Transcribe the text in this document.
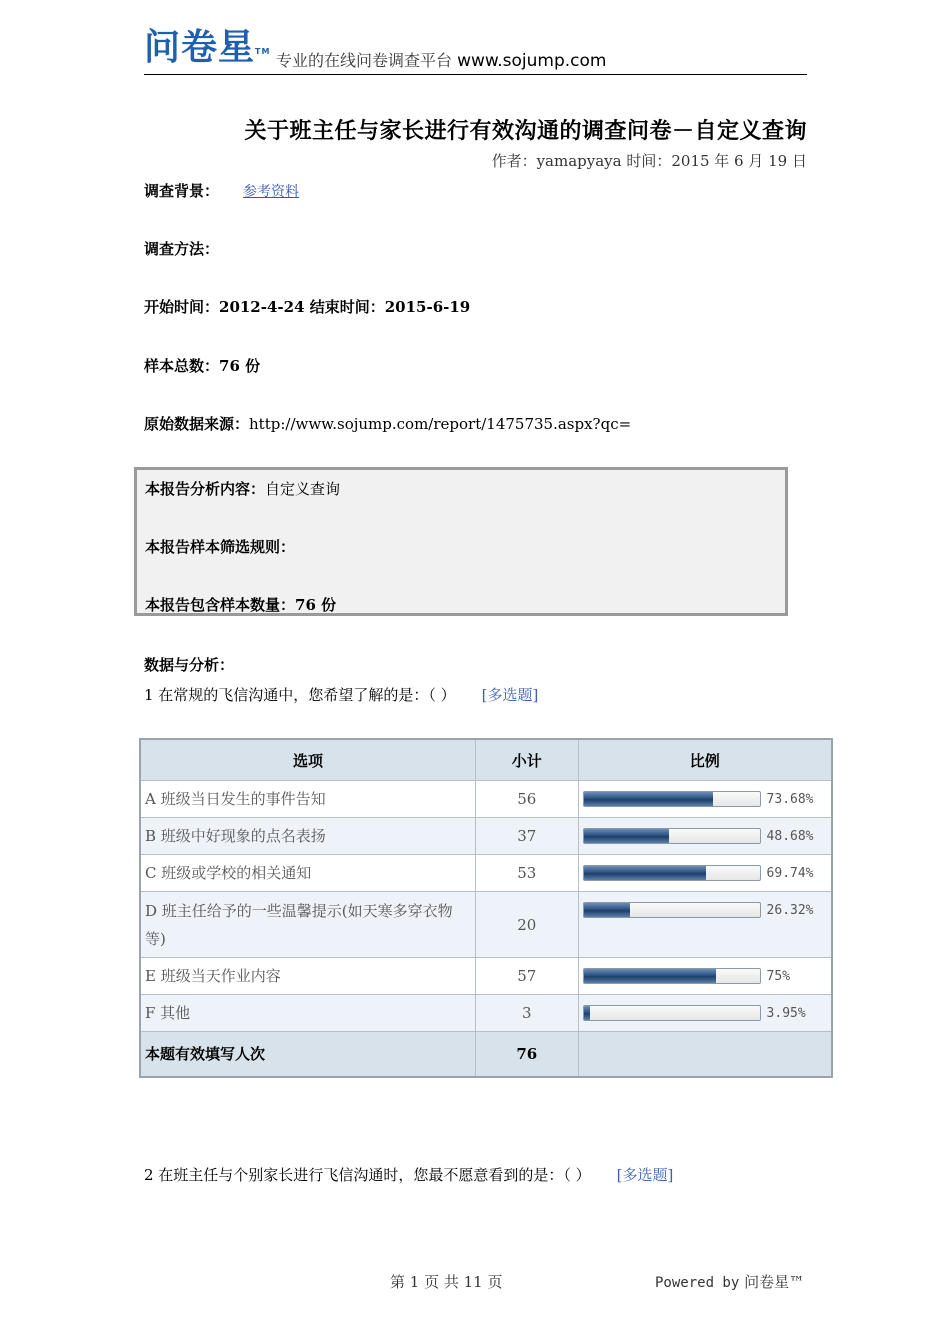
问卷星™ 专业的在线问卷调查平台 www.sojump.com
关于班主任与家长进行有效沟通的调查问卷－自定义查询
作者：yamapyaya 时间：2015 年 6 月 19 日
调查背景： 参考资料
调查方法：
开始时间：2012-4-24 结束时间：2015-6-19
样本总数：76 份
原始数据来源：http://www.sojump.com/report/1475735.aspx?qc=
本报告分析内容：自定义查询
本报告样本筛选规则：
本报告包含样本数量：76 份
数据与分析：
1 在常规的飞信沟通中，您希望了解的是：（ ） [多选题]
选项	小计	比例
A 班级当日发生的事件告知	56	73.68%

B 班级中好现象的点名表扬	37	48.68%

C 班级或学校的相关通知	53	69.74%

D 班主任给予的一些温馨提示(如天寒多穿衣物等)	20	26.32%

E 班级当天作业内容	57	75%

F 其他	3	3.95%

本题有效填写人次	76	
2 在班主任与个别家长进行飞信沟通时，您最不愿意看到的是：（ ） [多选题]
第 1 页 共 11 页	Powered by 问卷星™
